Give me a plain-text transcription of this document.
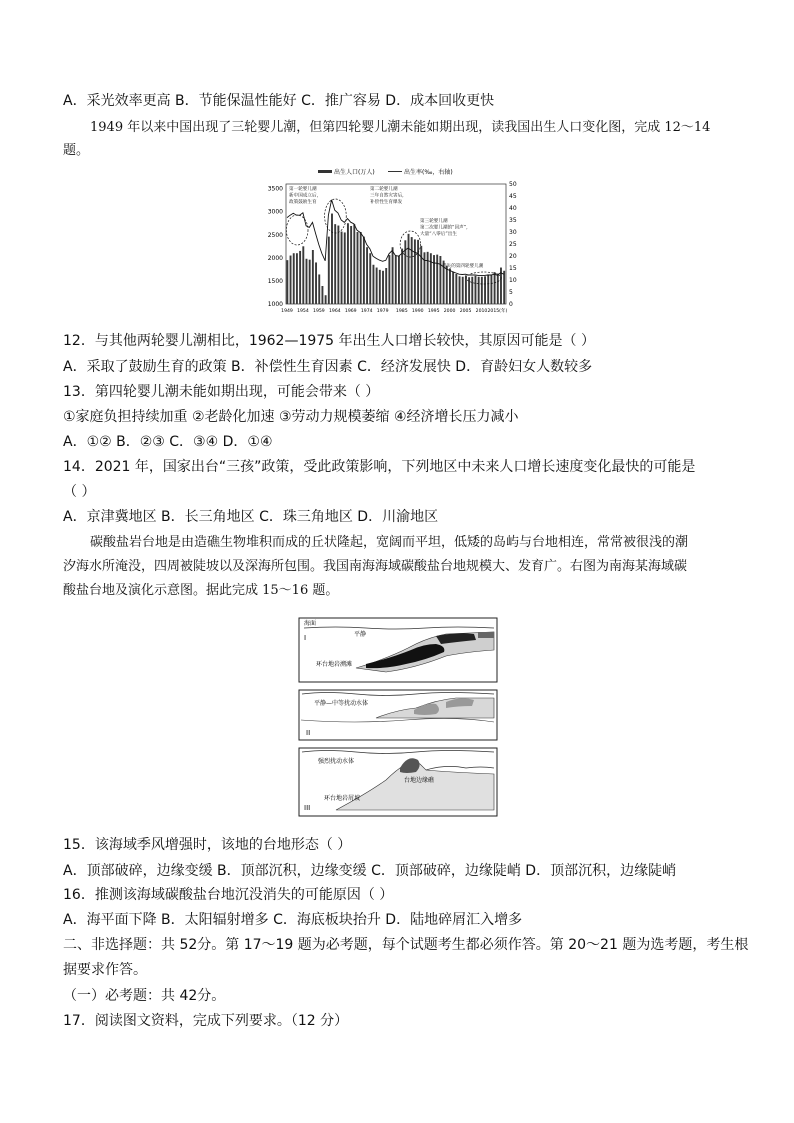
A．采光效率更高 B．节能保温性能好 C．推广容易 D．成本回收更快
1949 年以来中国出现了三轮婴儿潮，但第四轮婴儿潮未能如期出现，读我国出生人口变化图，完成 12～14
题。
出生人口(万人)	出生率(‰，右轴)
3500
3000
2500
2000
1500
1000
50
45
40
35
30
25
20
15
10
5
0
1949 1954 1959 1964 1969 1974 1979 1985 1990 1995 2000 2005 2010 2015(年)
第一轮婴儿潮
新中国成立后，
政策鼓励生育
第二轮婴儿潮
三年自然灾害后，
补偿性生育爆发
第三轮婴儿潮
第二次婴儿潮的“回声”，
大量“八零后”出生
消失的第四轮婴儿潮
12．与其他两轮婴儿潮相比，1962—1975 年出生人口增长较快，其原因可能是（ ）
A．采取了鼓励生育的政策 B．补偿性生育因素 C．经济发展快 D．育龄妇女人数较多
13．第四轮婴儿潮未能如期出现，可能会带来（ ）
①家庭负担持续加重 ②老龄化加速 ③劳动力规模萎缩 ④经济增长压力减小
A．①② B．②③ C．③④ D．①④
14．2021 年，国家出台“三孩”政策，受此政策影响，下列地区中未来人口增长速度变化最快的可能是
（ ）
A．京津冀地区 B．长三角地区 C．珠三角地区 D．川渝地区
碳酸盐岩台地是由造礁生物堆积而成的丘状隆起，宽阔而平坦，低矮的岛屿与台地相连，常常被很浅的潮
汐海水所淹没，四周被陡坡以及深海所包围。我国南海海域碳酸盐台地规模大、发育广。右图为南海某海域碳
酸盐台地及演化示意图。据此完成 15～16 题。
海面
平静
环台地岩溯滩
I
平静—中等扰动水体
II
强烈扰动水体
台地边缘礁
环台地岩屑坡
III
15．该海域季风增强时，该地的台地形态（ ）
A．顶部破碎，边缘变缓 B．顶部沉积，边缘变缓 C．顶部破碎，边缘陡峭 D．顶部沉积，边缘陡峭
16．推测该海域碳酸盐台地沉没消失的可能原因（ ）
A．海平面下降 B．太阳辐射增多 C．海底板块抬升 D．陆地碎屑汇入增多
二、非选择题：共 52分。第 17～19 题为必考题，每个试题考生都必须作答。第 20～21 题为选考题，考生根
据要求作答。
（一）必考题：共 42分。
17．阅读图文资料，完成下列要求。（12 分）
